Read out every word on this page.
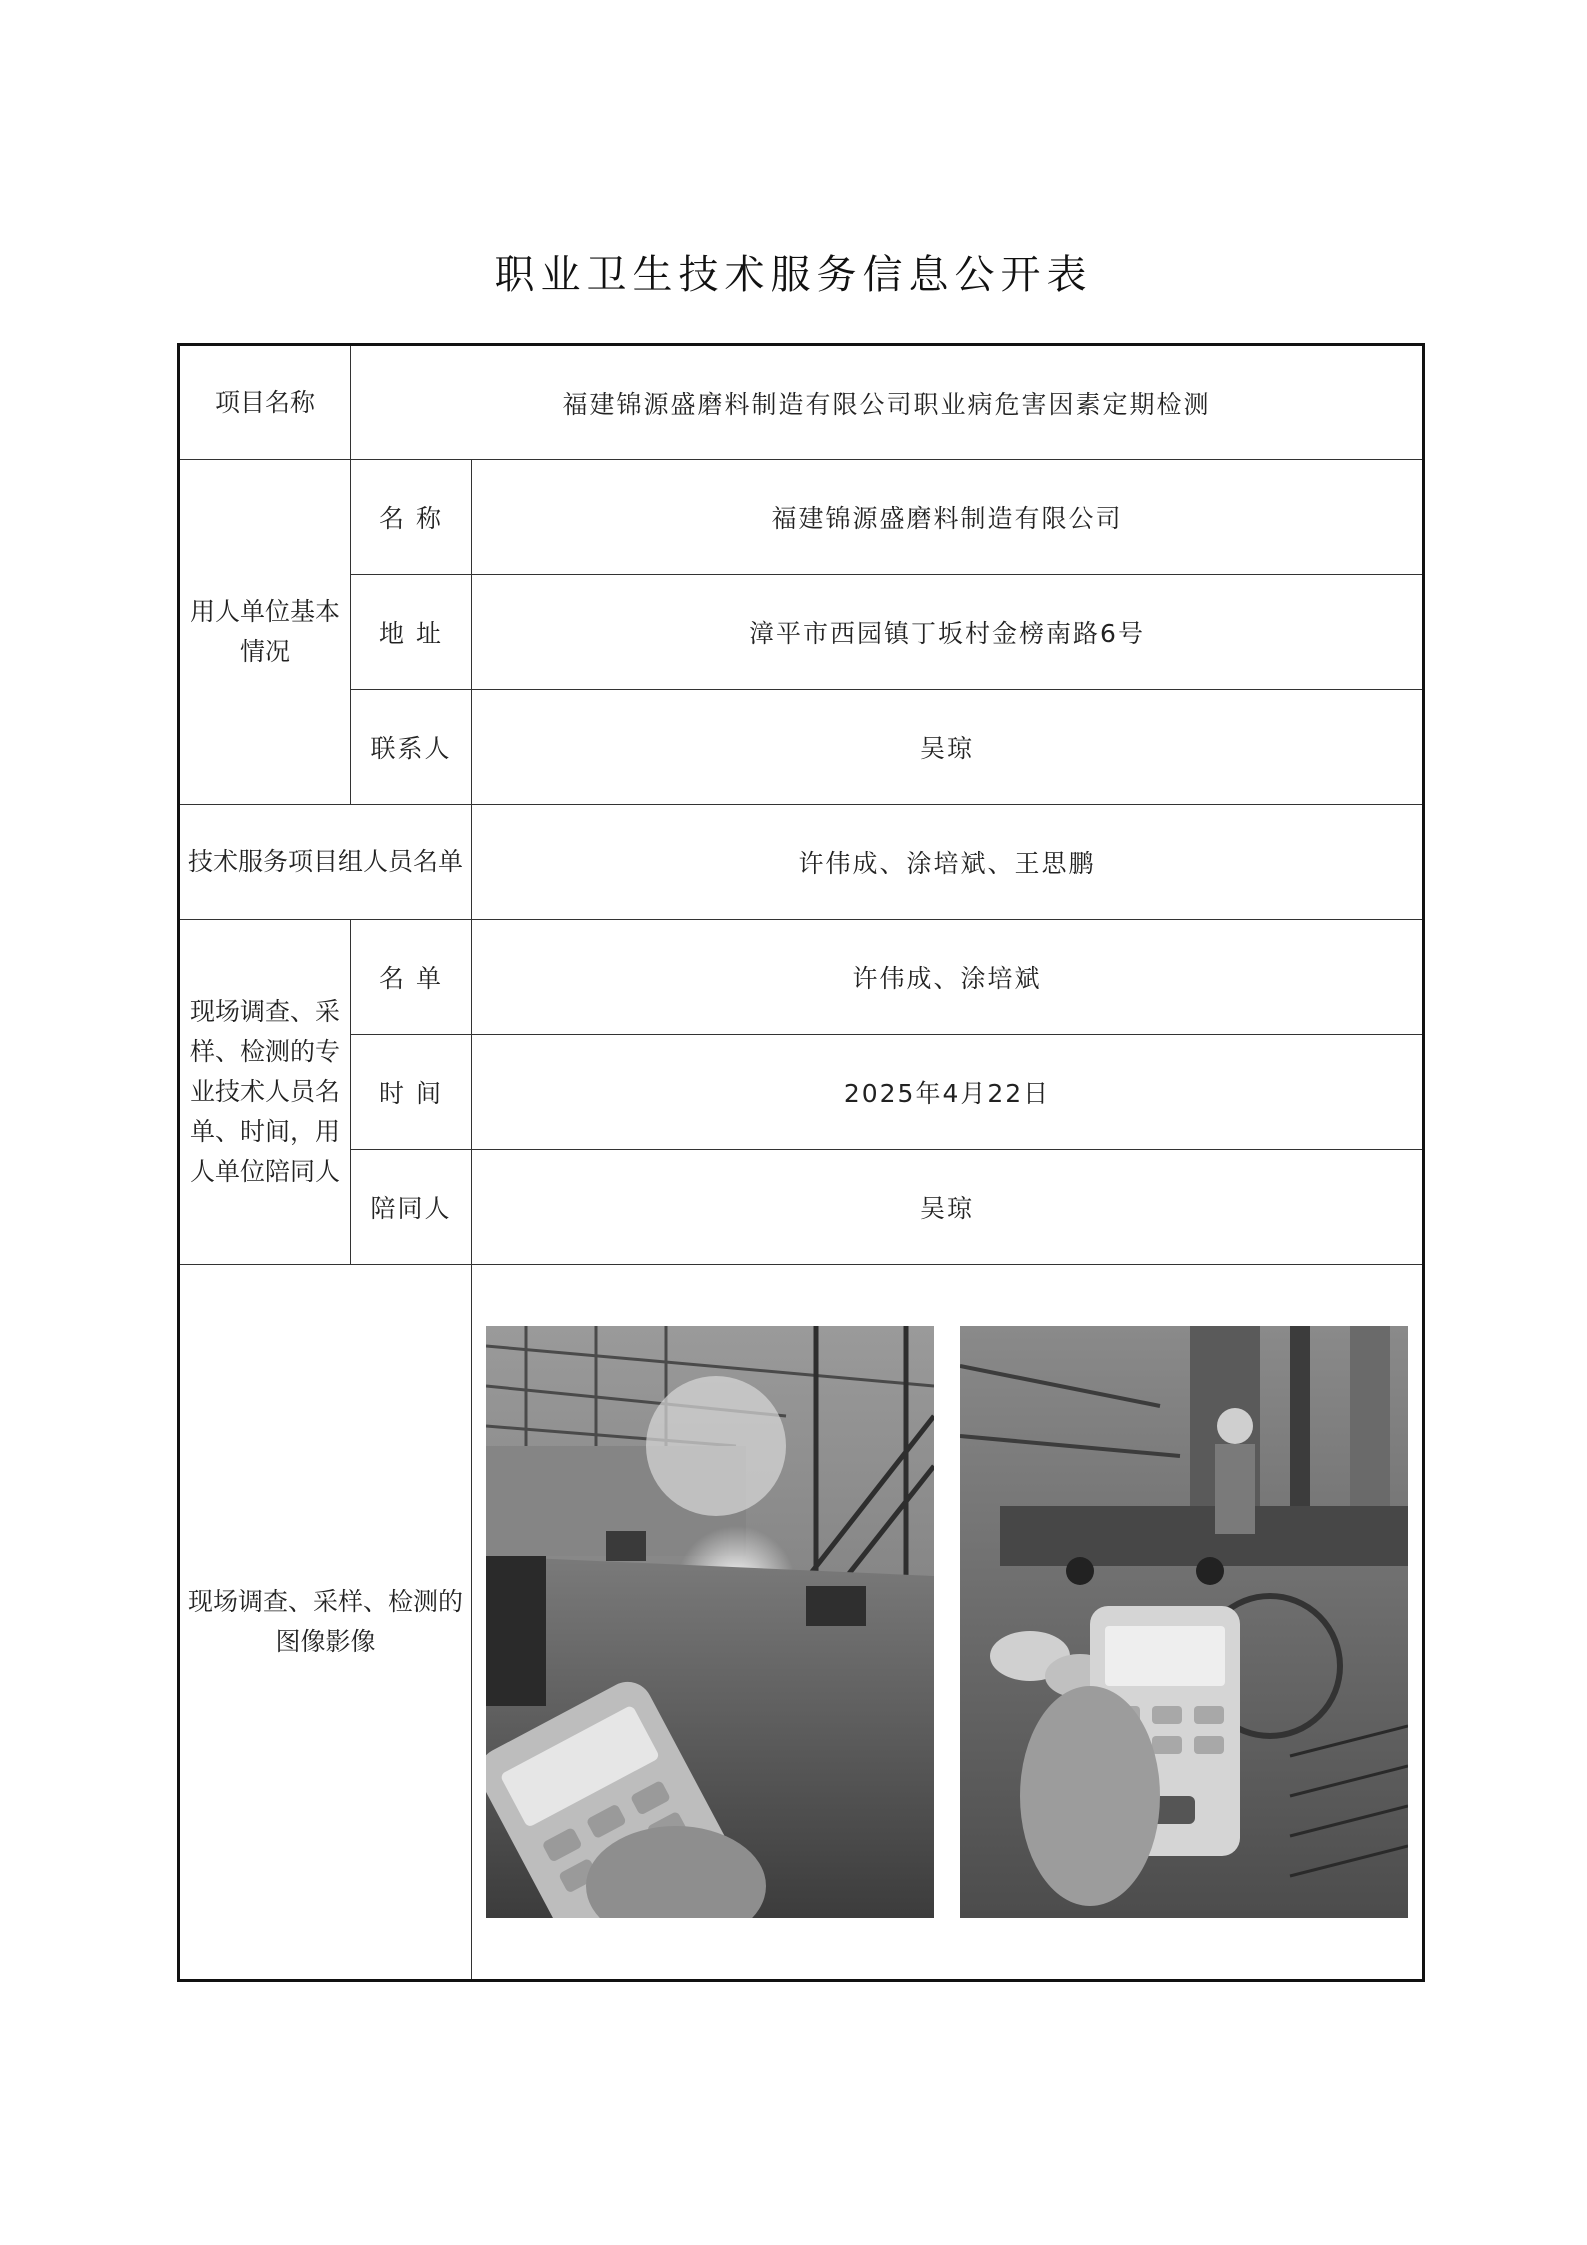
职业卫生技术服务信息公开表
项目名称	福建锦源盛磨料制造有限公司职业病危害因素定期检测	
用人单位基本情况	名 称	福建锦源盛磨料制造有限公司
	地 址	漳平市西园镇丁坂村金榜南路6号
	联系人	吴琼
技术服务项目组人员名单		许伟成、涂培斌、王思鹏
现场调查、采样、检测的专业技术人员名单、时间，用人单位陪同人	名 单	许伟成、涂培斌
	时 间	2025年4月22日
	陪同人	吴琼
现场调查、采样、检测的图像影像	
